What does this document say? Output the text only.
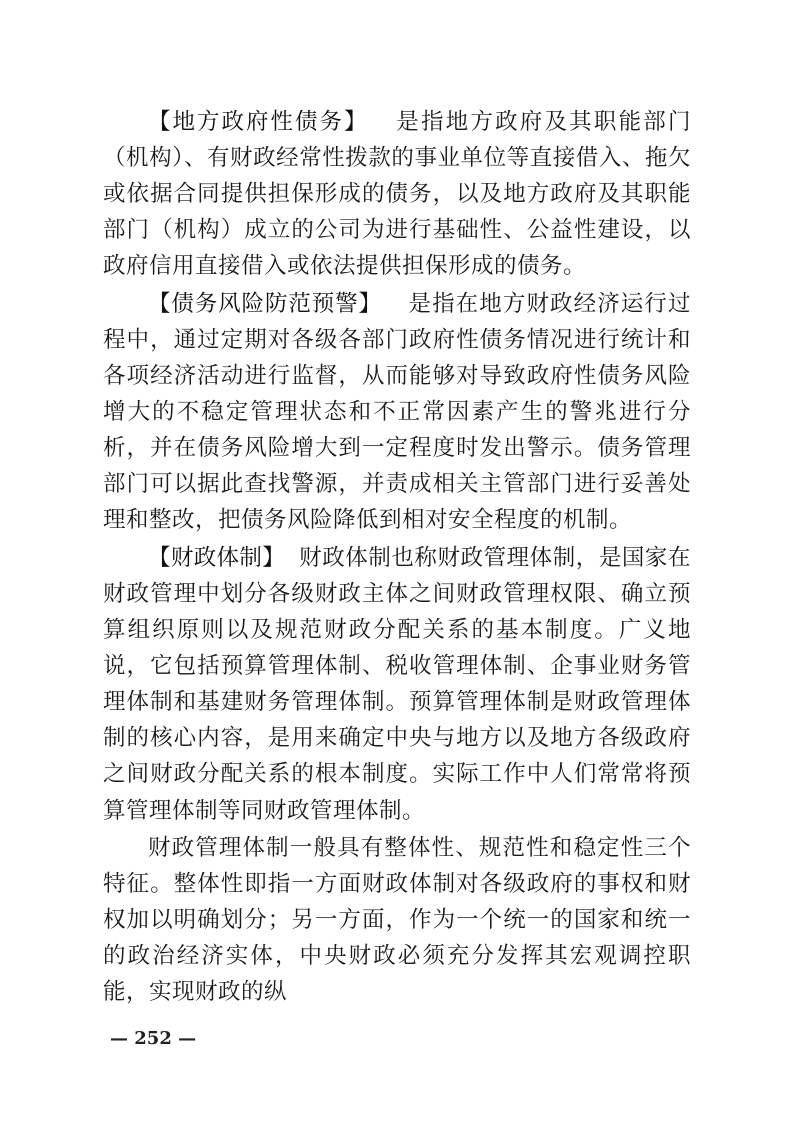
【地方政府性债务】 是指地方政府及其职能部门（机构）、有财政经常性拨款的事业单位等直接借入、拖欠或依据合同提供担保形成的债务，以及地方政府及其职能部门（机构）成立的公司为进行基础性、公益性建设，以政府信用直接借入或依法提供担保形成的债务。

【债务风险防范预警】 是指在地方财政经济运行过程中，通过定期对各级各部门政府性债务情况进行统计和各项经济活动进行监督，从而能够对导致政府性债务风险增大的不稳定管理状态和不正常因素产生的警兆进行分析，并在债务风险增大到一定程度时发出警示。债务管理部门可以据此查找警源，并责成相关主管部门进行妥善处理和整改，把债务风险降低到相对安全程度的机制。

【财政体制】 财政体制也称财政管理体制，是国家在财政管理中划分各级财政主体之间财政管理权限、确立预算组织原则以及规范财政分配关系的基本制度。广义地说，它包括预算管理体制、税收管理体制、企事业财务管理体制和基建财务管理体制。预算管理体制是财政管理体制的核心内容，是用来确定中央与地方以及地方各级政府之间财政分配关系的根本制度。实际工作中人们常常将预算管理体制等同财政管理体制。

财政管理体制一般具有整体性、规范性和稳定性三个特征。整体性即指一方面财政体制对各级政府的事权和财权加以明确划分；另一方面，作为一个统一的国家和统一的政治经济实体，中央财政必须充分发挥其宏观调控职能，实现财政的纵

— 252 —
